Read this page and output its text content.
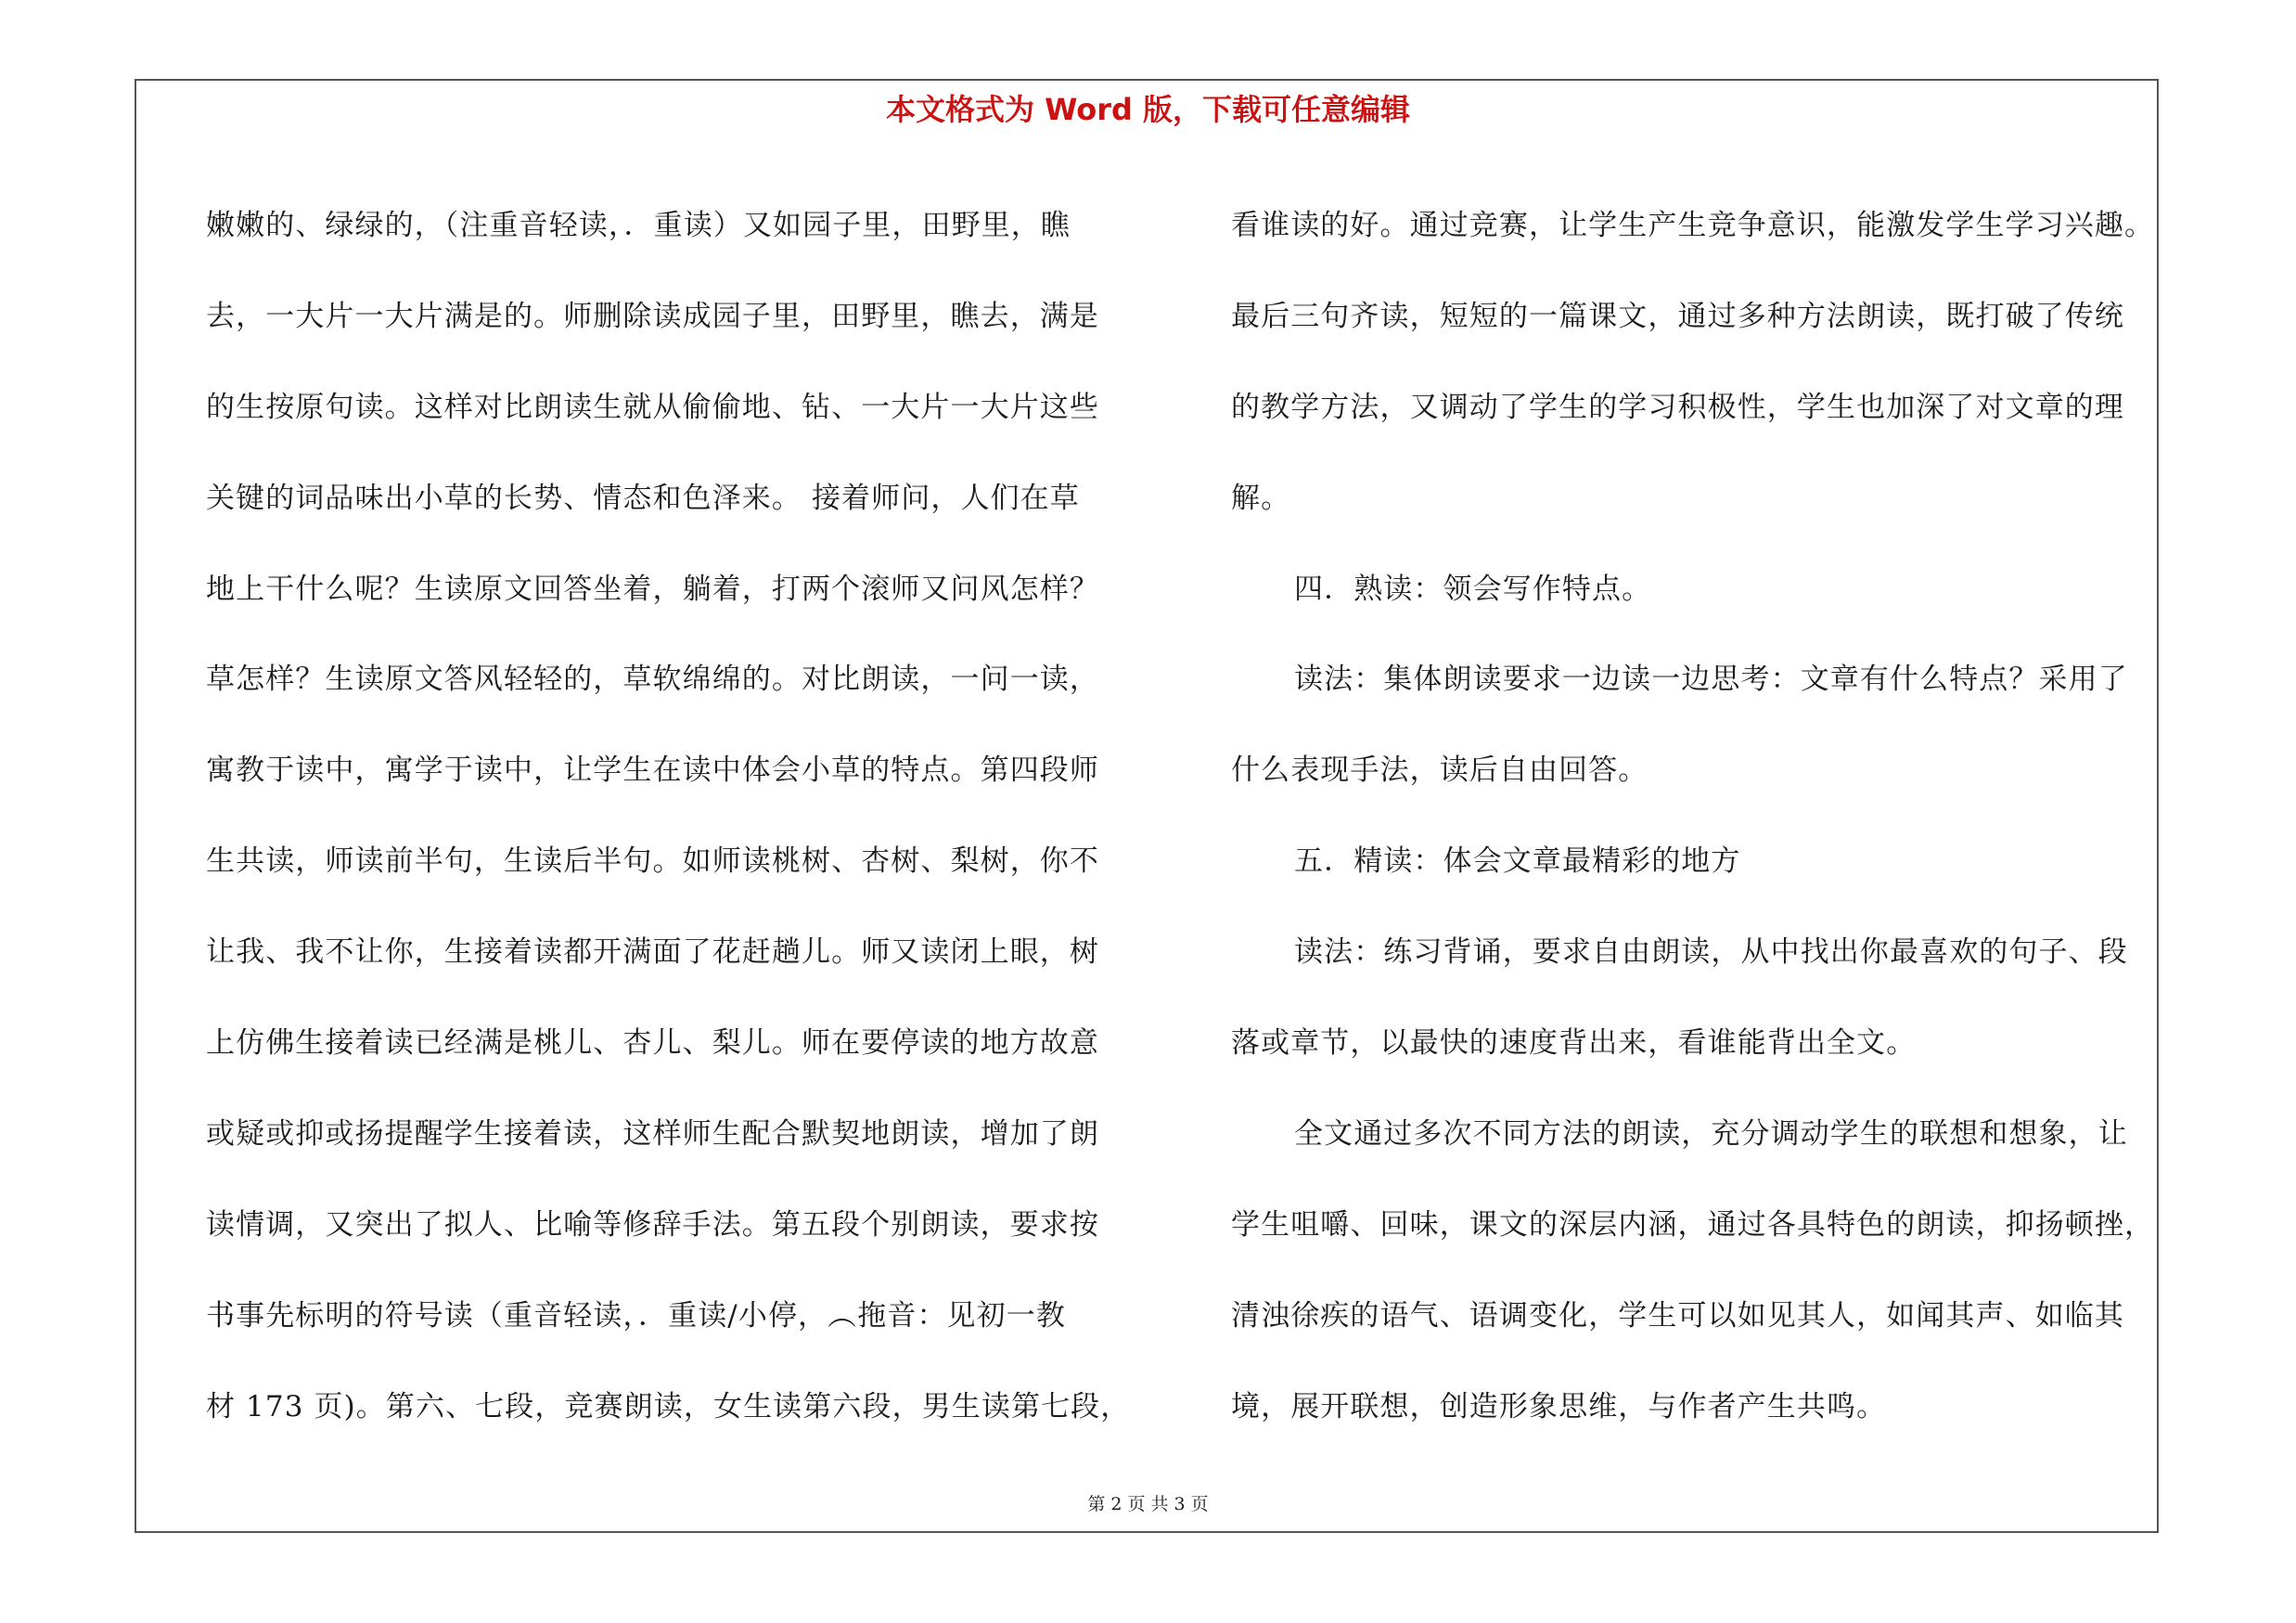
本文格式为 Word 版，下载可任意编辑
嫩嫩的、绿绿的，（注重音轻读，．重读）又如园子里，田野里，瞧
去，一大片一大片满是的。师删除读成园子里，田野里，瞧去，满是
的生按原句读。这样对比朗读生就从偷偷地、钻、一大片一大片这些
关键的词品味出小草的长势、情态和色泽来。 接着师问，人们在草
地上干什么呢？生读原文回答坐着，躺着，打两个滚师又问风怎样？
草怎样？生读原文答风轻轻的，草软绵绵的。对比朗读，一问一读，
寓教于读中，寓学于读中，让学生在读中体会小草的特点。第四段师
生共读，师读前半句，生读后半句。如师读桃树、杏树、梨树，你不
让我、我不让你，生接着读都开满面了花赶趟儿。师又读闭上眼，树
上仿佛生接着读已经满是桃儿、杏儿、梨儿。师在要停读的地方故意
或疑或抑或扬提醒学生接着读，这样师生配合默契地朗读，增加了朗
读情调，又突出了拟人、比喻等修辞手法。第五段个别朗读，要求按
书事先标明的符号读（重音轻读，．重读/小停，︵拖音：见初一教
材 173 页)。第六、七段，竞赛朗读，女生读第六段，男生读第七段，
看谁读的好。通过竞赛，让学生产生竞争意识，能激发学生学习兴趣。
最后三句齐读，短短的一篇课文，通过多种方法朗读，既打破了传统
的教学方法，又调动了学生的学习积极性，学生也加深了对文章的理
解。
四．熟读：领会写作特点。
读法：集体朗读要求一边读一边思考：文章有什么特点？采用了
什么表现手法，读后自由回答。
五．精读：体会文章最精彩的地方
读法：练习背诵，要求自由朗读，从中找出你最喜欢的句子、段
落或章节，以最快的速度背出来，看谁能背出全文。
全文通过多次不同方法的朗读，充分调动学生的联想和想象，让
学生咀嚼、回味，课文的深层内涵，通过各具特色的朗读，抑扬顿挫，
清浊徐疾的语气、语调变化，学生可以如见其人，如闻其声、如临其
境，展开联想，创造形象思维，与作者产生共鸣。
第 2 页 共 3 页
